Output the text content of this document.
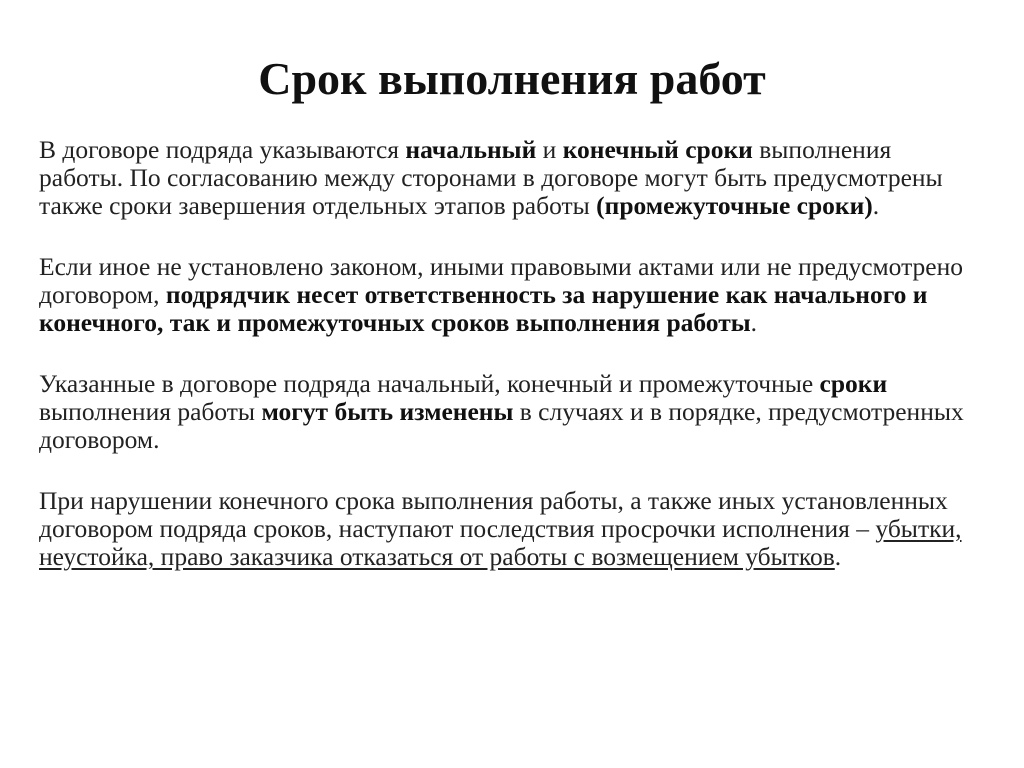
Срок выполнения работ

В договоре подряда указываются начальный и конечный сроки выполнения работы. По согласованию между сторонами в договоре могут быть предусмотрены также сроки завершения отдельных этапов работы (промежуточные сроки).

Если иное не установлено законом, иными правовыми актами или не предусмотрено договором, подрядчик несет ответственность за нарушение как начального и конечного, так и промежуточных сроков выполнения работы.

Указанные в договоре подряда начальный, конечный и промежуточные сроки выполнения работы могут быть изменены в случаях и в порядке, предусмотренных договором.

При нарушении конечного срока выполнения работы, а также иных установленных договором подряда сроков, наступают последствия просрочки исполнения – убытки, неустойка, право заказчика отказаться от работы с возмещением убытков.
